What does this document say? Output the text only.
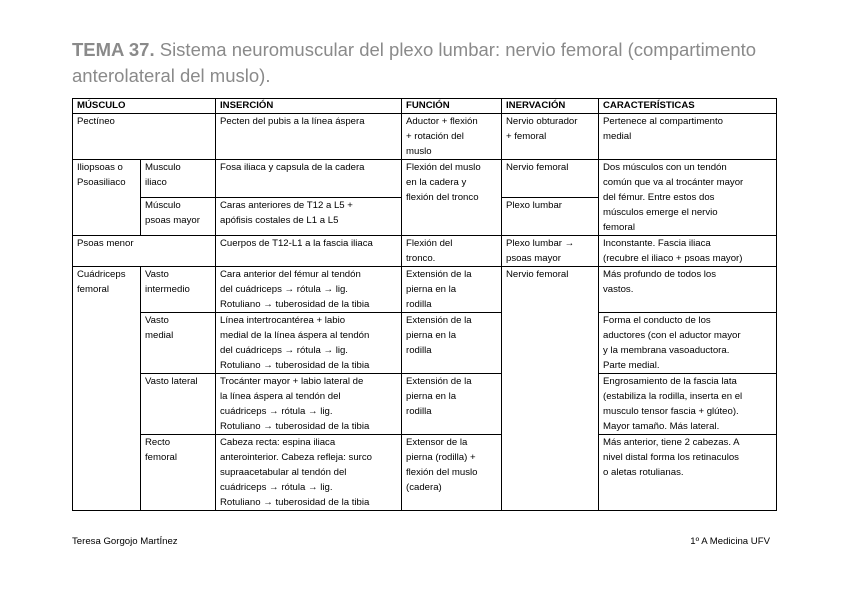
TEMA 37. Sistema neuromuscular del plexo lumbar: nervio femoral (compartimento anterolateral del muslo).
MÚSCULO		INSERCIÓN	FUNCIÓN	INERVACIÓN	CARACTERÍSTICAS

Pectíneo		Pecten del pubis a la línea áspera	Aductor + flexión
+ rotación del
muslo	Nervio obturador
+ femoral	Pertenece al compartimento
medial

Iliopsoas o
Psoasiliaco	Musculo
iliaco	Fosa iliaca y capsula de la cadera	Flexión del muslo
en la cadera y
flexión del tronco	Nervio femoral	Dos músculos con un tendón
común que va al trocánter mayor
del fémur. Entre estos dos
músculos emerge el nervio
femoral

	Músculo
psoas mayor	Caras anteriores de T12 a L5 +
apófisis costales de L1 a L5		Plexo lumbar	

Psoas menor		Cuerpos de T12-L1 a la fascia iliaca	Flexión del
tronco.	Plexo lumbar →
psoas mayor	Inconstante. Fascia iliaca
(recubre el iliaco + psoas mayor)

Cuádriceps
femoral	Vasto
intermedio	Cara anterior del fémur al tendón
del cuádriceps → rótula → lig.
Rotuliano → tuberosidad de la tibia	Extensión de la
pierna en la
rodilla	Nervio femoral	Más profundo de todos los
vastos.

	Vasto
medial	Línea intertrocantérea + labio
medial de la línea áspera al tendón
del cuádriceps → rótula → lig.
Rotuliano → tuberosidad de la tibia	Extensión de la
pierna en la
rodilla		Forma el conducto de los
aductores (con el aductor mayor
y la membrana vasoaductora.
Parte medial.

	Vasto lateral	Trocánter mayor + labio lateral de
la línea áspera al tendón del
cuádriceps → rótula → lig.
Rotuliano → tuberosidad de la tibia	Extensión de la
pierna en la
rodilla		Engrosamiento de la fascia lata
(estabiliza la rodilla, inserta en el
musculo tensor fascia + glúteo).
Mayor tamaño. Más lateral.

	Recto
femoral	Cabeza recta: espina iliaca
anterointerior. Cabeza refleja: surco
supraacetabular al tendón del
cuádriceps → rótula → lig.
Rotuliano → tuberosidad de la tibia	Extensor de la
pierna (rodilla) +
flexión del muslo
(cadera)		Más anterior, tiene 2 cabezas. A
nivel distal forma los retinaculos
o aletas rotulianas.
Teresa Gorgojo MartÍnez	1º A Medicina UFV
